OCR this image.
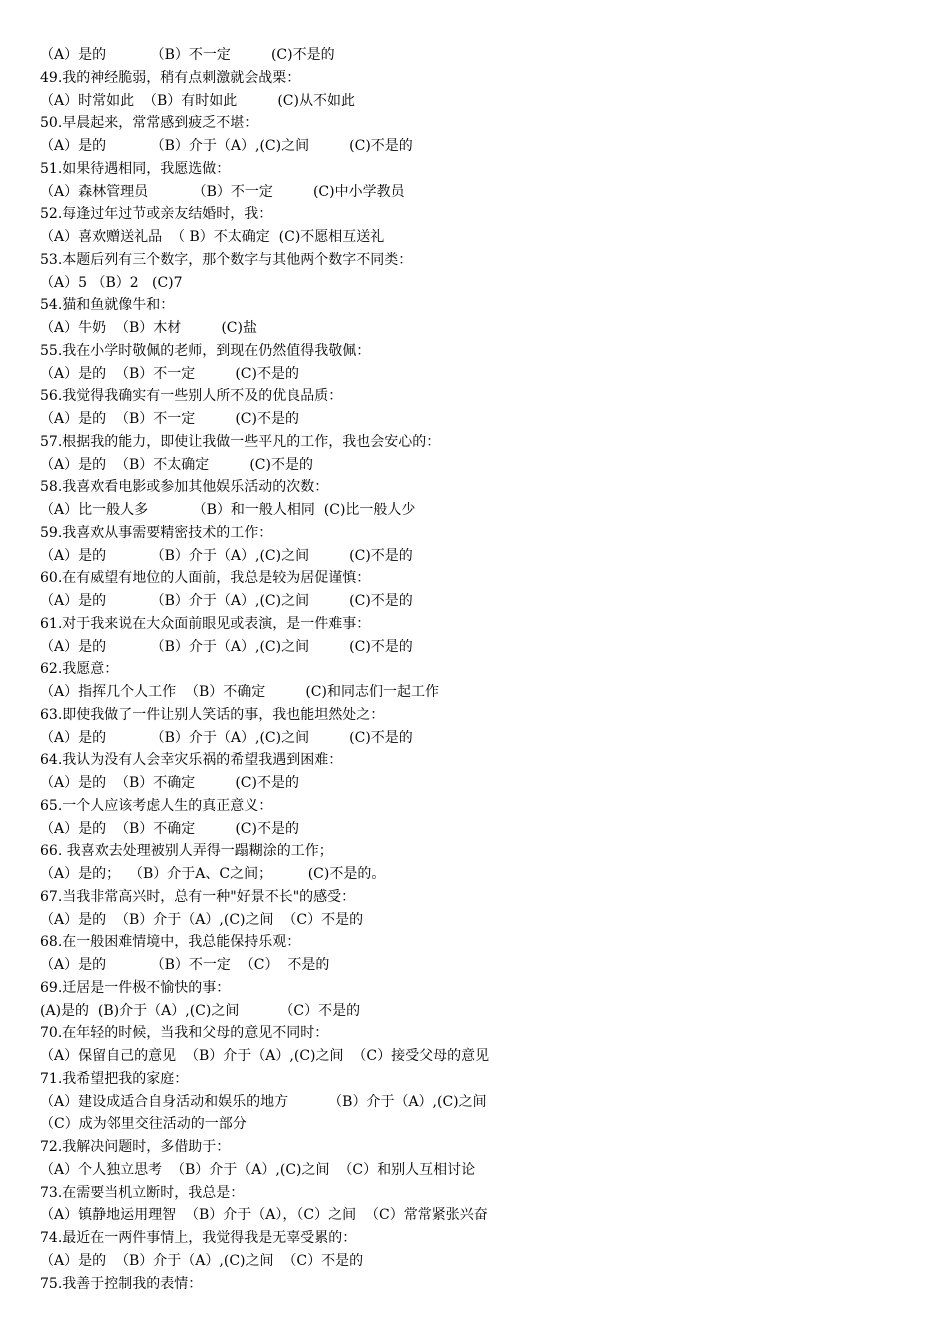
（A）是的          （B）不一定         (C)不是的
49.我的神经脆弱，稍有点刺激就会战栗：
（A）时常如此  （B）有时如此         (C)从不如此
50.早晨起来，常常感到疲乏不堪：
（A）是的          （B）介于（A）,(C)之间         (C)不是的
51.如果待遇相同，我愿选做：
（A）森林管理员          （B）不一定         (C)中小学教员
52.每逢过年过节或亲友结婚时，我：
（A）喜欢赠送礼品  （ B）不太确定  (C)不愿相互送礼
53.本题后列有三个数字，那个数字与其他两个数字不同类：
（A）5 （B）2   (C)7
54.猫和鱼就像牛和：
（A）牛奶  （B）木材         (C)盐
55.我在小学时敬佩的老师，到现在仍然值得我敬佩：
（A）是的  （B）不一定         (C)不是的
56.我觉得我确实有一些别人所不及的优良品质：
（A）是的  （B）不一定         (C)不是的
57.根据我的能力，即使让我做一些平凡的工作，我也会安心的：
（A）是的  （B）不太确定         (C)不是的
58.我喜欢看电影或参加其他娱乐活动的次数：
（A）比一般人多          （B）和一般人相同  (C)比一般人少
59.我喜欢从事需要精密技术的工作：
（A）是的          （B）介于（A）,(C)之间         (C)不是的
60.在有威望有地位的人面前，我总是较为居促谨慎：
（A）是的          （B）介于（A）,(C)之间         (C)不是的
61.对于我来说在大众面前眼见或表演，是一件难事：
（A）是的          （B）介于（A）,(C)之间         (C)不是的
62.我愿意：
（A）指挥几个人工作  （B）不确定         (C)和同志们一起工作
63.即使我做了一件让别人笑话的事，我也能坦然处之：
（A）是的          （B）介于（A）,(C)之间         (C)不是的
64.我认为没有人会幸灾乐祸的希望我遇到困难：
（A）是的  （B）不确定         (C)不是的
65.一个人应该考虑人生的真正意义：
（A）是的  （B）不确定         (C)不是的
66. 我喜欢去处理被别人弄得一蹋糊涂的工作；
（A）是的；  （B）介于A、C之间；        (C)不是的。
67.当我非常高兴时，总有一种"好景不长"的感受：
（A）是的  （B）介于（A）,(C)之间  （C）不是的
68.在一般困难情境中，我总能保持乐观：
（A）是的          （B）不一定  （C）  不是的
69.迁居是一件极不愉快的事：
(A)是的  (B)介于（A）,(C)之间         （C）不是的
70.在年轻的时候，当我和父母的意见不同时：
（A）保留自己的意见  （B）介于（A）,(C)之间  （C）接受父母的意见
71.我希望把我的家庭：
（A）建设成适合自身活动和娱乐的地方         （B）介于（A）,(C)之间
（C）成为邻里交往活动的一部分
72.我解决问题时，多借助于：
（A）个人独立思考  （B）介于（A）,(C)之间  （C）和别人互相讨论
73.在需要当机立断时，我总是：
（A）镇静地运用理智  （B）介于（A），（C）之间  （C）常常紧张兴奋
74.最近在一两件事情上，我觉得我是无辜受累的：
（A）是的  （B）介于（A）,(C)之间  （C）不是的
75.我善于控制我的表情：
